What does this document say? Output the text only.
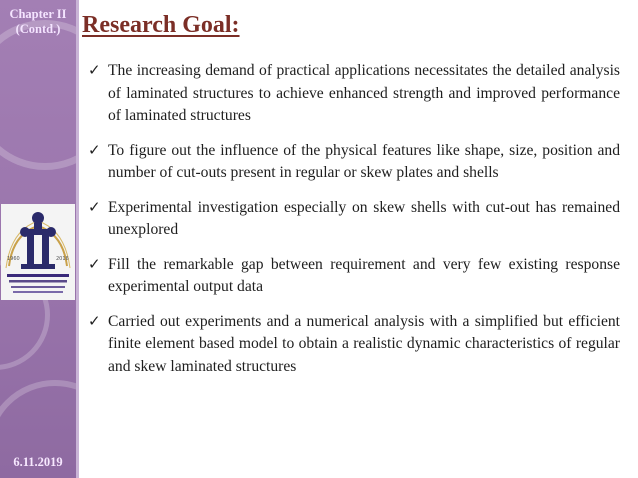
Chapter II
(Contd.)
1960	2016
6.11.2019
Research Goal:
✓ The increasing demand of practical applications necessitates the detailed analysis of laminated structures to achieve enhanced strength and improved performance of laminated structures
✓ To figure out the influence of the physical features like shape, size, position and number of cut-outs present in regular or skew plates and shells
✓ Experimental investigation especially on skew shells with cut-out has remained unexplored
✓ Fill the remarkable gap between requirement and very few existing response experimental output data
✓ Carried out experiments and a numerical analysis with a simplified but efficient finite element based model to obtain a realistic dynamic characteristics of regular and skew laminated structures
